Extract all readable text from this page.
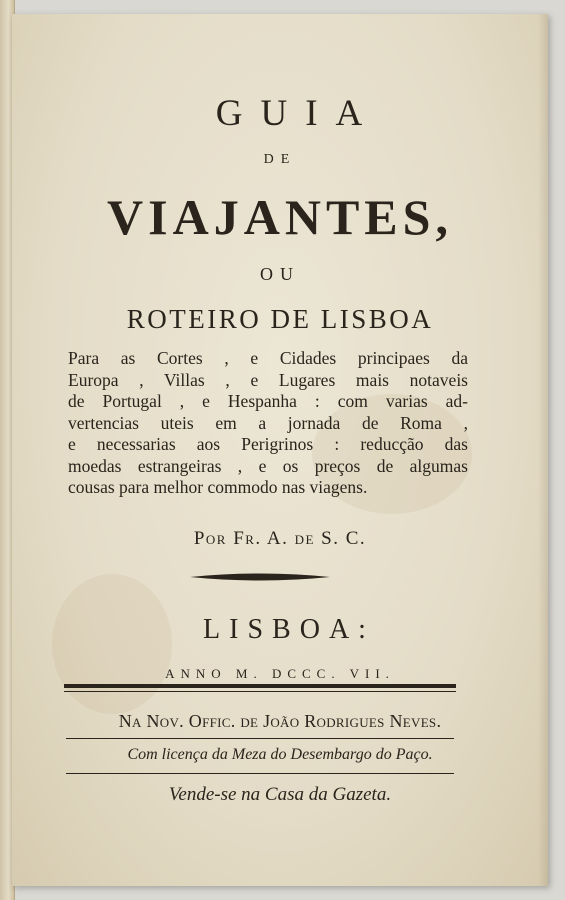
GUIA
DE
VIAJANTES,
OU
ROTEIRO DE LISBOA
Para as Cortes , e Cidades principaes da
Europa , Villas , e Lugares mais notaveis
de Portugal , e Hespanha : com varias ad-
vertencias uteis em a jornada de Roma ,
e necessarias aos Perigrinos : reducção das
moedas estrangeiras , e os preços de algumas
cousas para melhor commodo nas viagens.
Por Fr. A. de S. C.
LISBOA:
ANNO M. DCCC. VII.
Na Nov. Offic. de João Rodrigues Neves.
Com licença da Meza do Desembargo do Paço.
Vende-se na Casa da Gazeta.
